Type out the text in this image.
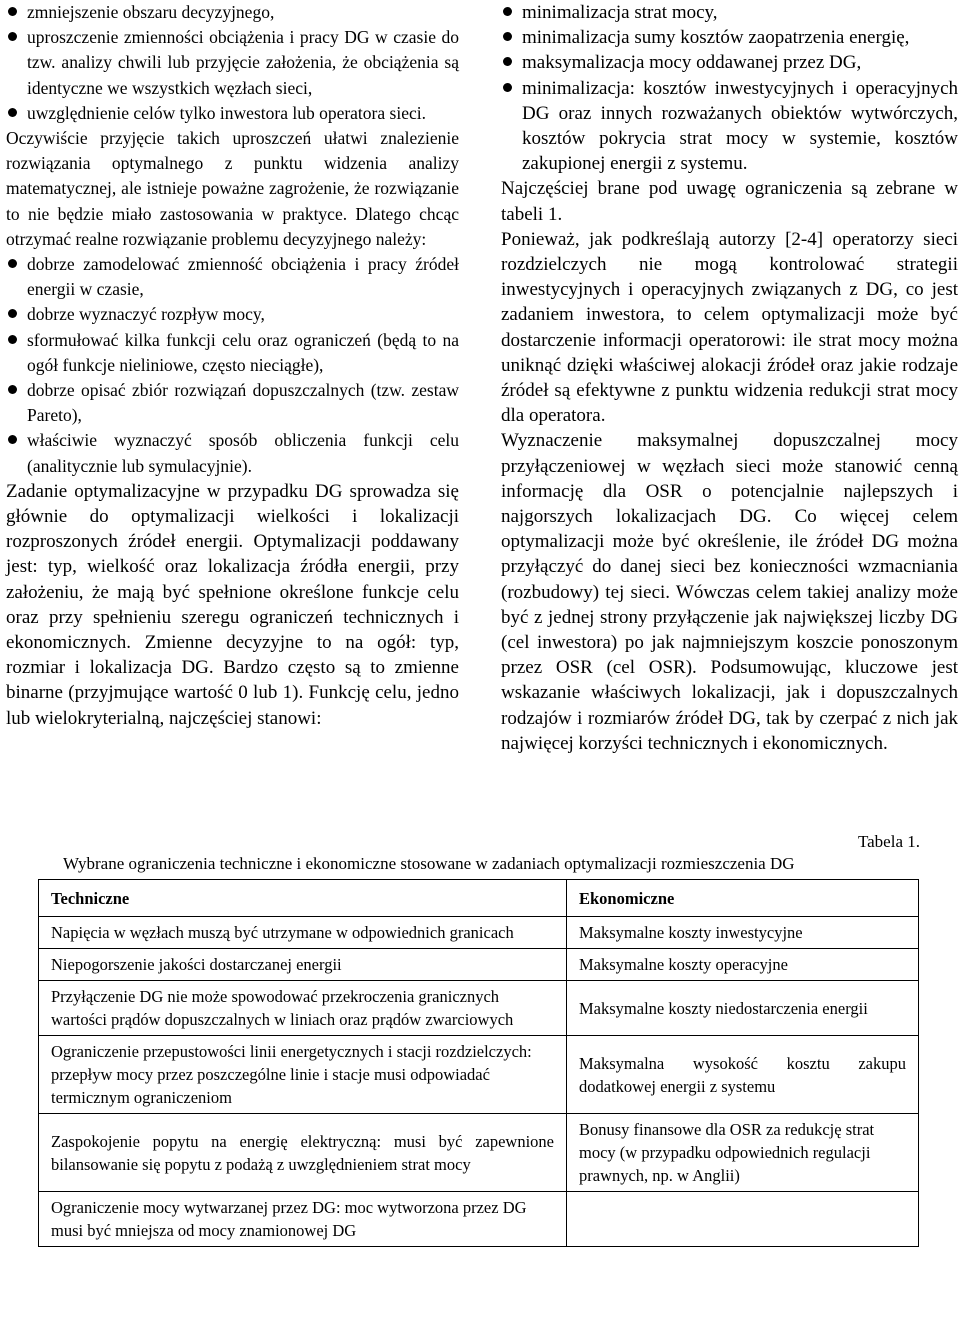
zmniejszenie obszaru decyzyjnego,
uproszczenie zmienności obciążenia i pracy DG w czasie do tzw. analizy chwili lub przyjęcie założenia, że obciążenia są identyczne we wszystkich węzłach sieci,
uwzględnienie celów tylko inwestora lub operatora sieci.

Oczywiście przyjęcie takich uproszczeń ułatwi znalezienie rozwiązania optymalnego z punktu widzenia analizy matematycznej, ale istnieje poważne zagrożenie, że rozwiązanie to nie będzie miało zastosowania w praktyce. Dlatego chcąc otrzymać realne rozwiązanie problemu decyzyjnego należy:

dobrze zamodelować zmienność obciążenia i pracy źródeł energii w czasie,
dobrze wyznaczyć rozpływ mocy,
sformułować kilka funkcji celu oraz ograniczeń (będą to na ogół funkcje nieliniowe, często nieciągłe),
dobrze opisać zbiór rozwiązań dopuszczalnych (tzw. zestaw Pareto),
właściwie wyznaczyć sposób obliczenia funkcji celu (analitycznie lub symulacyjnie).

Zadanie optymalizacyjne w przypadku DG sprowadza się głównie do optymalizacji wielkości i lokalizacji rozproszonych źródeł energii. Optymalizacji poddawany jest: typ, wielkość oraz lokalizacja źródła energii, przy założeniu, że mają być spełnione określone funkcje celu oraz przy spełnieniu szeregu ograniczeń technicznych i ekonomicznych. Zmienne decyzyjne to na ogół: typ, rozmiar i lokalizacja DG. Bardzo często są to zmienne binarne (przyjmujące wartość 0 lub 1). Funkcję celu, jedno lub wielokryterialną, najczęściej stanowi:

minimalizacja strat mocy,
minimalizacja sumy kosztów zaopatrzenia energię,
maksymalizacja mocy oddawanej przez DG,
minimalizacja: kosztów inwestycyjnych i operacyjnych DG oraz innych rozważanych obiektów wytwórczych, kosztów pokrycia strat mocy w systemie, kosztów zakupionej energii z systemu.

Najczęściej brane pod uwagę ograniczenia są zebrane w tabeli 1.

Ponieważ, jak podkreślają autorzy [2-4] operatorzy sieci rozdzielczych nie mogą kontrolować strategii inwestycyjnych i operacyjnych związanych z DG, co jest zadaniem inwestora, to celem optymalizacji może być dostarczenie informacji operatorowi: ile strat mocy można uniknąć dzięki właściwej alokacji źródeł oraz jakie rodzaje źródeł są efektywne z punktu widzenia redukcji strat mocy dla operatora.

Wyznaczenie maksymalnej dopuszczalnej mocy przyłączeniowej w węzłach sieci może stanowić cenną informację dla OSR o potencjalnie najlepszych i najgorszych lokalizacjach DG. Co więcej celem optymalizacji może być określenie, ile źródeł DG można przyłączyć do danej sieci bez konieczności wzmacniania (rozbudowy) tej sieci. Wówczas celem takiej analizy może być z jednej strony przyłączenie jak największej liczby DG (cel inwestora) po jak najmniejszym koszcie ponoszonym przez OSR (cel OSR). Podsumowując, kluczowe jest wskazanie właściwych lokalizacji, jak i dopuszczalnych rodzajów i rozmiarów źródeł DG, tak by czerpać z nich jak najwięcej korzyści technicznych i ekonomicznych.

Tabela 1.
Wybrane ograniczenia techniczne i ekonomiczne stosowane w zadaniach optymalizacji rozmieszczenia DG
Techniczne	Ekonomiczne
Napięcia w węzłach muszą być utrzymane w odpowiednich granicach	Maksymalne koszty inwestycyjne
Niepogorszenie jakości dostarczanej energii	Maksymalne koszty operacyjne
Przyłączenie DG nie może spowodować przekroczenia granicznych wartości prądów dopuszczalnych w liniach oraz prądów zwarciowych	Maksymalne koszty niedostarczenia energii
Ograniczenie przepustowości linii energetycznych i stacji rozdzielczych: przepływ mocy przez poszczególne linie i stacje musi odpowiadać termicznym ograniczeniom	Maksymalna wysokość kosztu zakupu dodatkowej energii z systemu
Zaspokojenie popytu na energię elektryczną: musi być zapewnione bilansowanie się popytu z podażą z uwzględnieniem strat mocy	Bonusy finansowe dla OSR za redukcję strat mocy (w przypadku odpowiednich regulacji prawnych, np. w Anglii)
Ograniczenie mocy wytwarzanej przez DG: moc wytworzona przez DG musi być mniejsza od mocy znamionowej DG	
